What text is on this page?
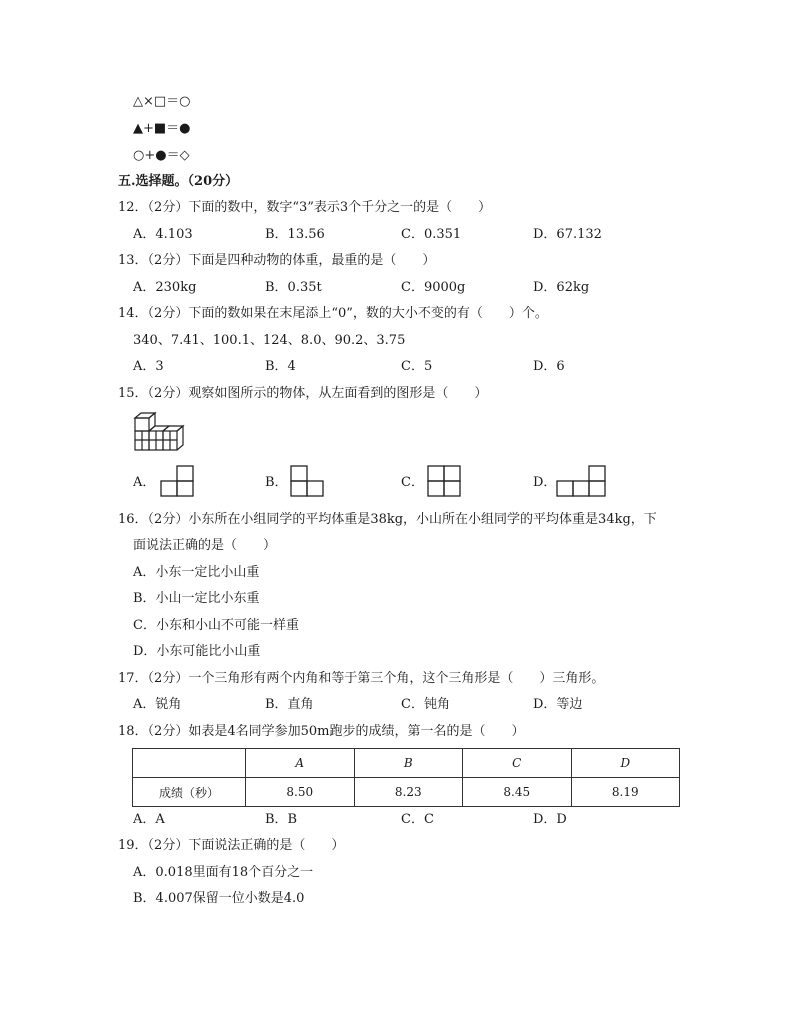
△×□＝○
▲+■＝●
○+●＝◇
五.选择题。（20分）
12．（2分）下面的数中，数字“3”表示3个千分之一的是（　　）
A．4.103	B．13.56	C．0.351	D．67.132
13．（2分）下面是四种动物的体重，最重的是（　　）
A．230kg	B．0.35t	C．9000g	D．62kg
14．（2分）下面的数如果在末尾添上“0”，数的大小不变的有（　　）个。
340、7.41、100.1、124、8.0、90.2、3.75
A．3	B．4	C．5	D．6
15．（2分）观察如图所示的物体，从左面看到的图形是（　　）
A．	B．	C．	D．
16．（2分）小东所在小组同学的平均体重是38kg，小山所在小组同学的平均体重是34kg，下
面说法正确的是（　　）
A．小东一定比小山重
B．小山一定比小东重
C．小东和小山不可能一样重
D．小东可能比小山重
17．（2分）一个三角形有两个内角和等于第三个角，这个三角形是（　　）三角形。
A．锐角	B．直角	C．钝角	D．等边
18．（2分）如表是4名同学参加50m跑步的成绩，第一名的是（　　）
	A	B	C	D
成绩（秒）	8.50	8.23	8.45	8.19
A．A	B．B	C．C	D．D
19．（2分）下面说法正确的是（　　）
A．0.018里面有18个百分之一
B．4.007保留一位小数是4.0
